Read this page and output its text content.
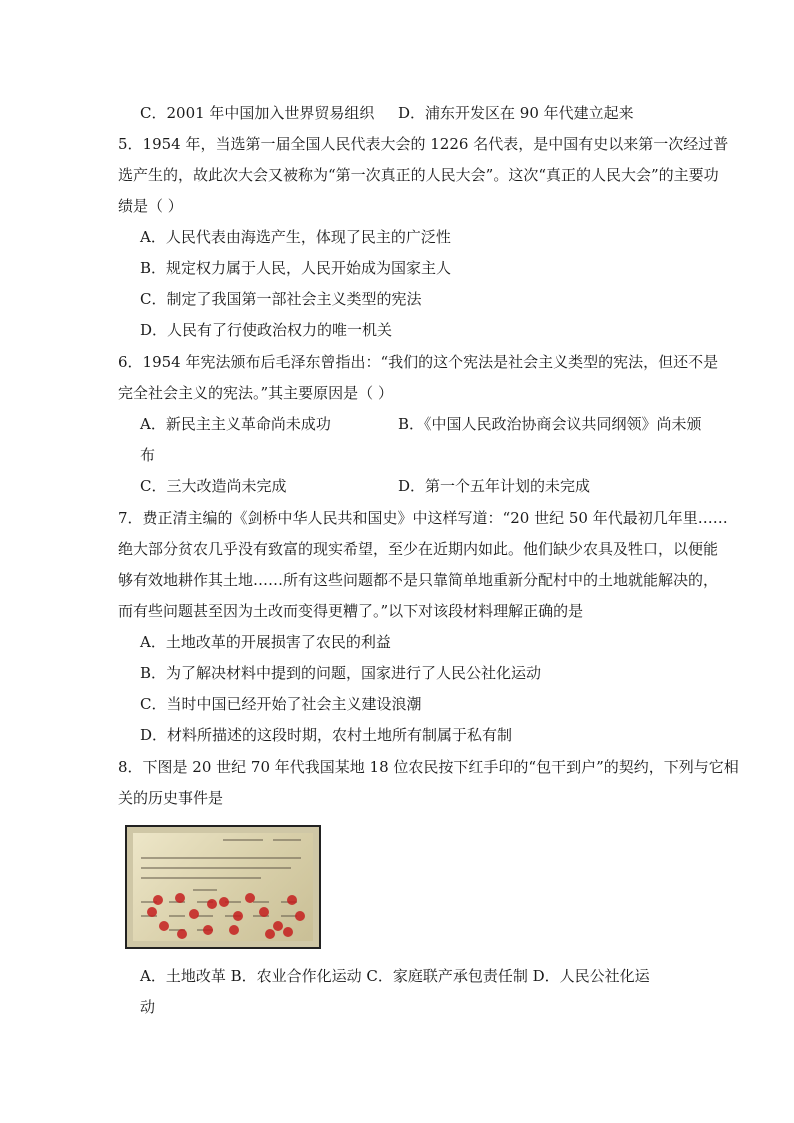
C．2001 年中国加入世界贸易组织 D．浦东开发区在 90 年代建立起来
5．1954 年，当选第一届全国人民代表大会的 1226 名代表，是中国有史以来第一次经过普
选产生的，故此次大会又被称为“第一次真正的人民大会”。这次“真正的人民大会”的主要功
绩是（ ）
A．人民代表由海选产生，体现了民主的广泛性
B．规定权力属于人民，人民开始成为国家主人
C．制定了我国第一部社会主义类型的宪法
D．人民有了行使政治权力的唯一机关
6．1954 年宪法颁布后毛泽东曾指出：“我们的这个宪法是社会主义类型的宪法，但还不是
完全社会主义的宪法。”其主要原因是（ ）
A．新民主主义革命尚未成功	B．《中国人民政治协商会议共同纲领》尚未颁
布
C．三大改造尚未完成	D．第一个五年计划的未完成
7．费正清主编的《剑桥中华人民共和国史》中这样写道：“20 世纪 50 年代最初几年里……
绝大部分贫农几乎没有致富的现实希望，至少在近期内如此。他们缺少农具及牲口，以便能
够有效地耕作其土地……所有这些问题都不是只靠简单地重新分配村中的土地就能解决的，
而有些问题甚至因为土改而变得更糟了。”以下对该段材料理解正确的是
A．土地改革的开展损害了农民的利益
B．为了解决材料中提到的问题，国家进行了人民公社化运动
C．当时中国已经开始了社会主义建设浪潮
D．材料所描述的这段时期，农村土地所有制属于私有制
8．下图是 20 世纪 70 年代我国某地 18 位农民按下红手印的“包干到户”的契约，下列与它相
关的历史事件是
A．土地改革 B．农业合作化运动 C．家庭联产承包责任制 D．人民公社化运
动
